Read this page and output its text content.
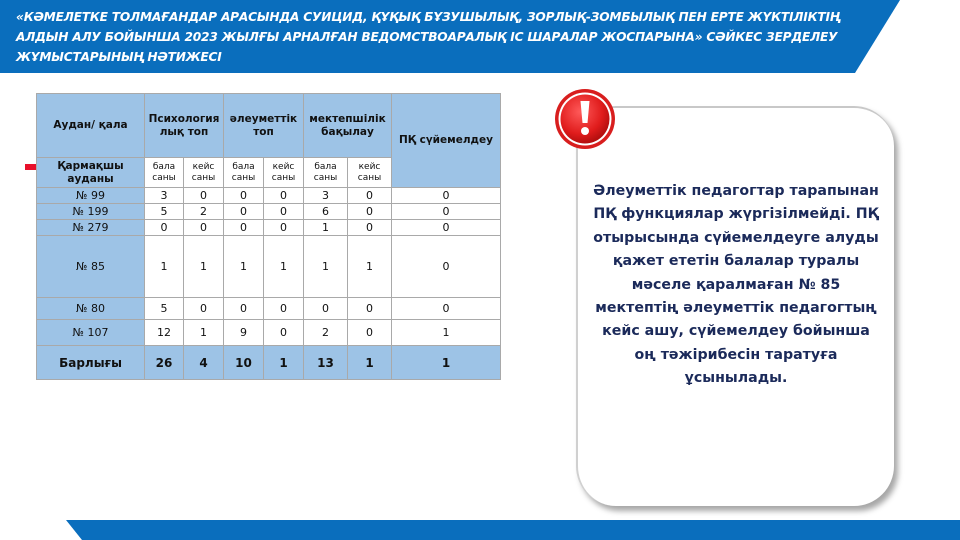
«КӘМЕЛЕТКЕ ТОЛМАҒАНДАР АРАСЫНДА СУИЦИД, ҚҰҚЫҚ БҰЗУШЫЛЫҚ, ЗОРЛЫҚ-ЗОМБЫЛЫҚ ПЕН ЕРТЕ ЖҮКТІЛІКТІҢ АЛДЫН АЛУ БОЙЫНША 2023 ЖЫЛҒЫ АРНАЛҒАН ВЕДОМСТВОАРАЛЫҚ ІС ШАРАЛАР ЖОСПАРЫНА» СӘЙКЕС ЗЕРДЕЛЕУ ЖҰМЫСТАРЫНЫҢ НӘТИЖЕСІ
Аудан/ қала	Психология лық топ		әлеуметтік топ		мектепшілік бақылау		ПҚ сүйемелдеу
Қармақшы ауданы	бала саны	кейс саны	бала саны	кейс саны	бала саны	кейс саны	
№ 99	3	0	0	0	3	0	0
№ 199	5	2	0	0	6	0	0
№ 279	0	0	0	0	1	0	0
№ 85	1	1	1	1	1	1	0
№ 80	5	0	0	0	0	0	0
№ 107	12	1	9	0	2	0	1
Барлығы	26	4	10	1	13	1	1
Әлеуметтік педагогтар тарапынан ПҚ функциялар жүргізілмейді. ПҚ отырысында сүйемелдеуге алуды қажет ететін балалар туралы мәселе қаралмаған № 85 мектептің әлеуметтік педагогтың кейс ашу, сүйемелдеу бойынша оң тәжірибесін таратуға ұсынылады.
